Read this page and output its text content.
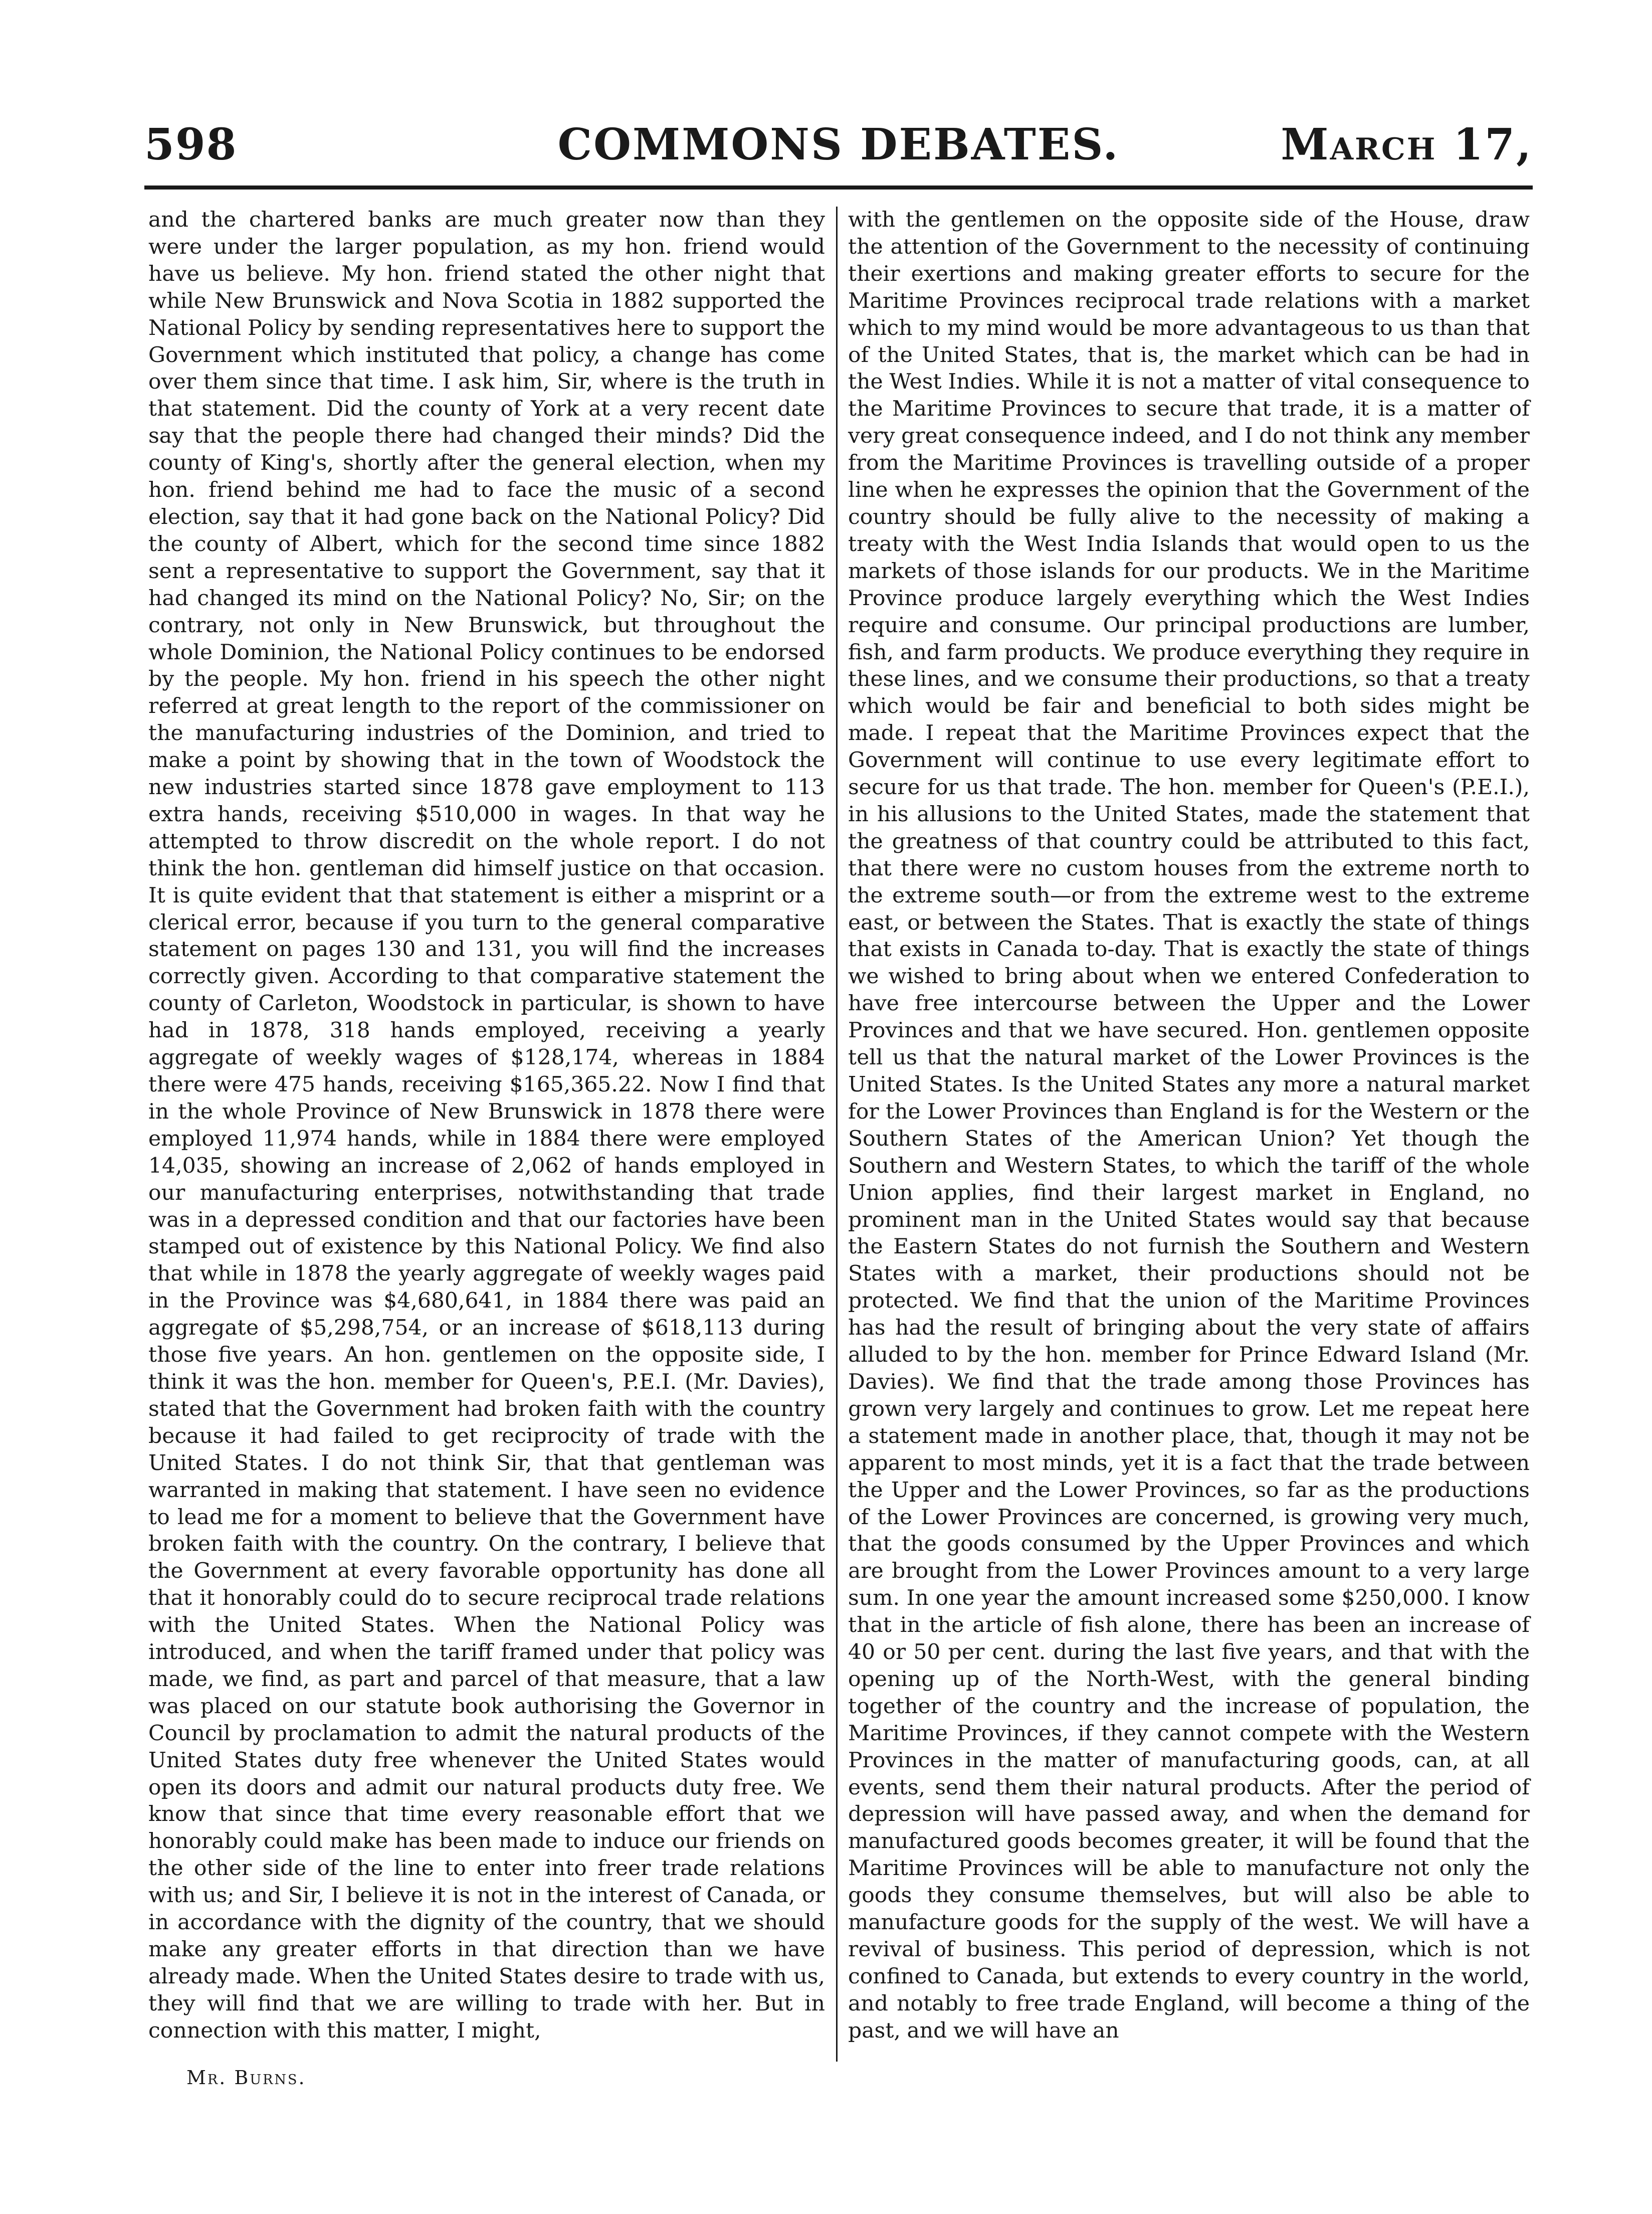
598	COMMONS DEBATES.	March 17,
and the chartered banks are much greater now than they were under the larger population, as my hon. friend would have us believe. My hon. friend stated the other night that while New Brunswick and Nova Scotia in 1882 supported the National Policy by sending representatives here to support the Government which instituted that policy, a change has come over them since that time. I ask him, Sir, where is the truth in that statement. Did the county of York at a very recent date say that the people there had changed their minds? Did the county of King's, shortly after the general election, when my hon. friend behind me had to face the music of a second election, say that it had gone back on the National Policy? Did the county of Albert, which for the second time since 1882 sent a representative to support the Government, say that it had changed its mind on the National Policy? No, Sir; on the contrary, not only in New Brunswick, but throughout the whole Dominion, the National Policy continues to be endorsed by the people. My hon. friend in his speech the other night referred at great length to the report of the commissioner on the manufacturing industries of the Dominion, and tried to make a point by showing that in the town of Woodstock the new industries started since 1878 gave employment to 113 extra hands, receiving $510,000 in wages. In that way he attempted to throw discredit on the whole report. I do not think the hon. gentleman did himself justice on that occasion. It is quite evident that that statement is either a misprint or a clerical error, because if you turn to the general comparative statement on pages 130 and 131, you will find the increases correctly given. According to that comparative statement the county of Carleton, Woodstock in particular, is shown to have had in 1878, 318 hands employed, receiving a yearly aggregate of weekly wages of $128,174, whereas in 1884 there were 475 hands, receiving $165,365.22. Now I find that in the whole Province of New Brunswick in 1878 there were employed 11,974 hands, while in 1884 there were employed 14,035, showing an increase of 2,062 of hands employed in our manufacturing enterprises, notwithstanding that trade was in a depressed condition and that our factories have been stamped out of existence by this National Policy. We find also that while in 1878 the yearly aggregate of weekly wages paid in the Province was $4,680,641, in 1884 there was paid an aggregate of $5,298,754, or an increase of $618,113 during those five years. An hon. gentlemen on the opposite side, I think it was the hon. member for Queen's, P.E.I. (Mr. Davies), stated that the Government had broken faith with the country because it had failed to get reciprocity of trade with the United States. I do not think Sir, that that gentleman was warranted in making that statement. I have seen no evidence to lead me for a moment to believe that the Government have broken faith with the country. On the contrary, I believe that the Government at every favorable opportunity has done all that it honorably could do to secure reciprocal trade relations with the United States. When the National Policy was introduced, and when the tariff framed under that policy was made, we find, as part and parcel of that measure, that a law was placed on our statute book authorising the Governor in Council by proclamation to admit the natural products of the United States duty free whenever the United States would open its doors and admit our natural products duty free. We know that since that time every reasonable effort that we honorably could make has been made to induce our friends on the other side of the line to enter into freer trade relations with us; and Sir, I believe it is not in the interest of Canada, or in accordance with the dignity of the country, that we should make any greater efforts in that direction than we have already made. When the United States desire to trade with us, they will find that we are willing to trade with her. But in connection with this matter, I might,
with the gentlemen on the opposite side of the House, draw the attention of the Government to the necessity of continuing their exertions and making greater efforts to secure for the Maritime Provinces reciprocal trade relations with a market which to my mind would be more advantageous to us than that of the United States, that is, the market which can be had in the West Indies. While it is not a matter of vital consequence to the Maritime Provinces to secure that trade, it is a matter of very great consequence indeed, and I do not think any member from the Maritime Provinces is travelling outside of a proper line when he expresses the opinion that the Government of the country should be fully alive to the necessity of making a treaty with the West India Islands that would open to us the markets of those islands for our products. We in the Maritime Province produce largely everything which the West Indies require and consume. Our principal productions are lumber, fish, and farm products. We produce everything they require in these lines, and we consume their productions, so that a treaty which would be fair and beneficial to both sides might be made. I repeat that the Maritime Provinces expect that the Government will continue to use every legitimate effort to secure for us that trade. The hon. member for Queen's (P.E.I.), in his allusions to the United States, made the statement that the greatness of that country could be attributed to this fact, that there were no custom houses from the extreme north to the extreme south—or from the extreme west to the extreme east, or between the States. That is exactly the state of things that exists in Canada to-day. That is exactly the state of things we wished to bring about when we entered Confederation to have free intercourse between the Upper and the Lower Provinces and that we have secured. Hon. gentlemen opposite tell us that the natural market of the Lower Provinces is the United States. Is the United States any more a natural market for the Lower Provinces than England is for the Western or the Southern States of the American Union? Yet though the Southern and Western States, to which the tariff of the whole Union applies, find their largest market in England, no prominent man in the United States would say that because the Eastern States do not furnish the Southern and Western States with a market, their productions should not be protected. We find that the union of the Maritime Provinces has had the result of bringing about the very state of affairs alluded to by the hon. member for Prince Edward Island (Mr. Davies). We find that the trade among those Provinces has grown very largely and continues to grow. Let me repeat here a statement made in another place, that, though it may not be apparent to most minds, yet it is a fact that the trade between the Upper and the Lower Provinces, so far as the productions of the Lower Provinces are concerned, is growing very much, that the goods consumed by the Upper Provinces and which are brought from the Lower Provinces amount to a very large sum. In one year the amount increased some $250,000. I know that in the article of fish alone, there has been an increase of 40 or 50 per cent. during the last five years, and that with the opening up of the North-West, with the general binding together of the country and the increase of population, the Maritime Provinces, if they cannot compete with the Western Provinces in the matter of manufacturing goods, can, at all events, send them their natural products. After the period of depression will have passed away, and when the demand for manufactured goods becomes greater, it will be found that the Maritime Provinces will be able to manufacture not only the goods they consume themselves, but will also be able to manufacture goods for the supply of the west. We will have a revival of business. This period of depression, which is not confined to Canada, but extends to every country in the world, and notably to free trade England, will become a thing of the past, and we will have an
Mr. Burns.
